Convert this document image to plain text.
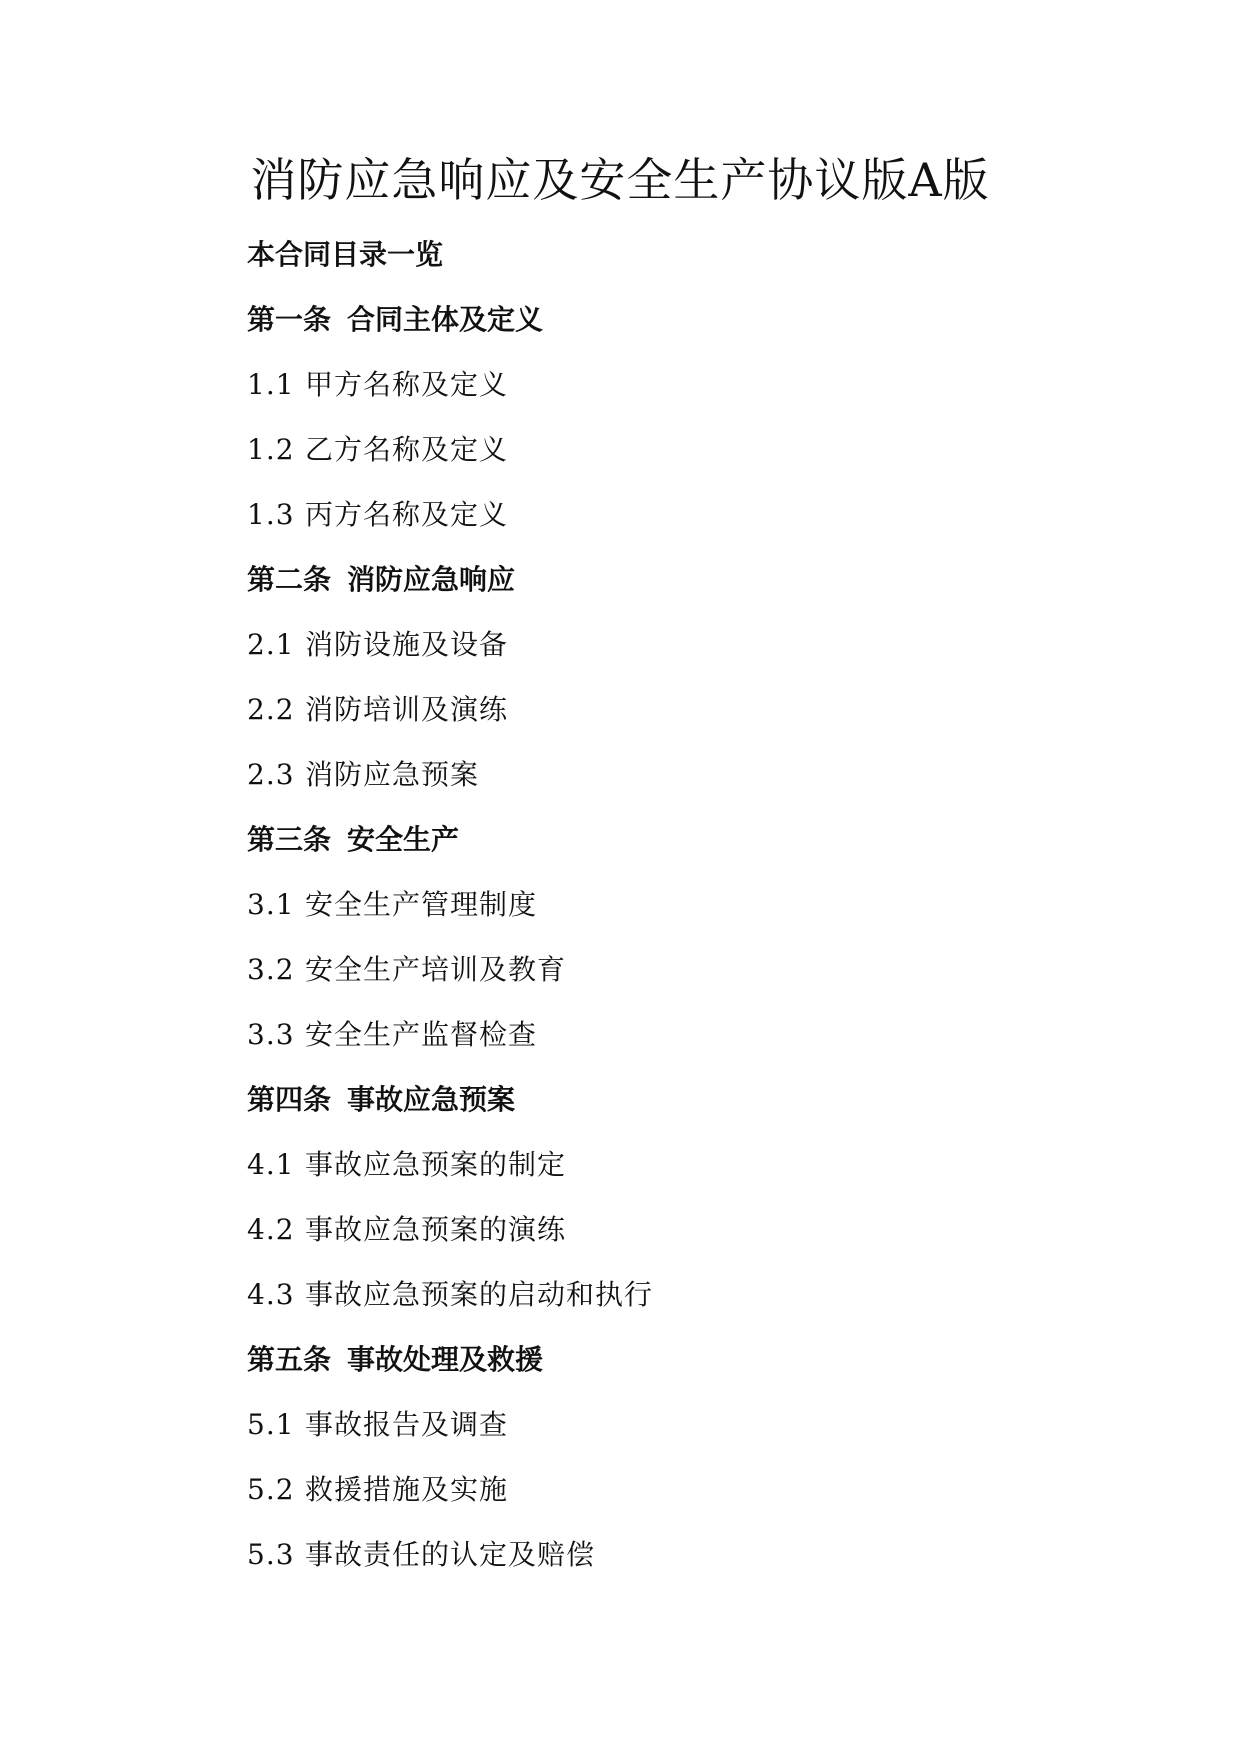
消防应急响应及安全生产协议版A版
本合同目录一览
第一条 合同主体及定义
1.1 甲方名称及定义
1.2 乙方名称及定义
1.3 丙方名称及定义
第二条 消防应急响应
2.1 消防设施及设备
2.2 消防培训及演练
2.3 消防应急预案
第三条 安全生产
3.1 安全生产管理制度
3.2 安全生产培训及教育
3.3 安全生产监督检查
第四条 事故应急预案
4.1 事故应急预案的制定
4.2 事故应急预案的演练
4.3 事故应急预案的启动和执行
第五条 事故处理及救援
5.1 事故报告及调查
5.2 救援措施及实施
5.3 事故责任的认定及赔偿
